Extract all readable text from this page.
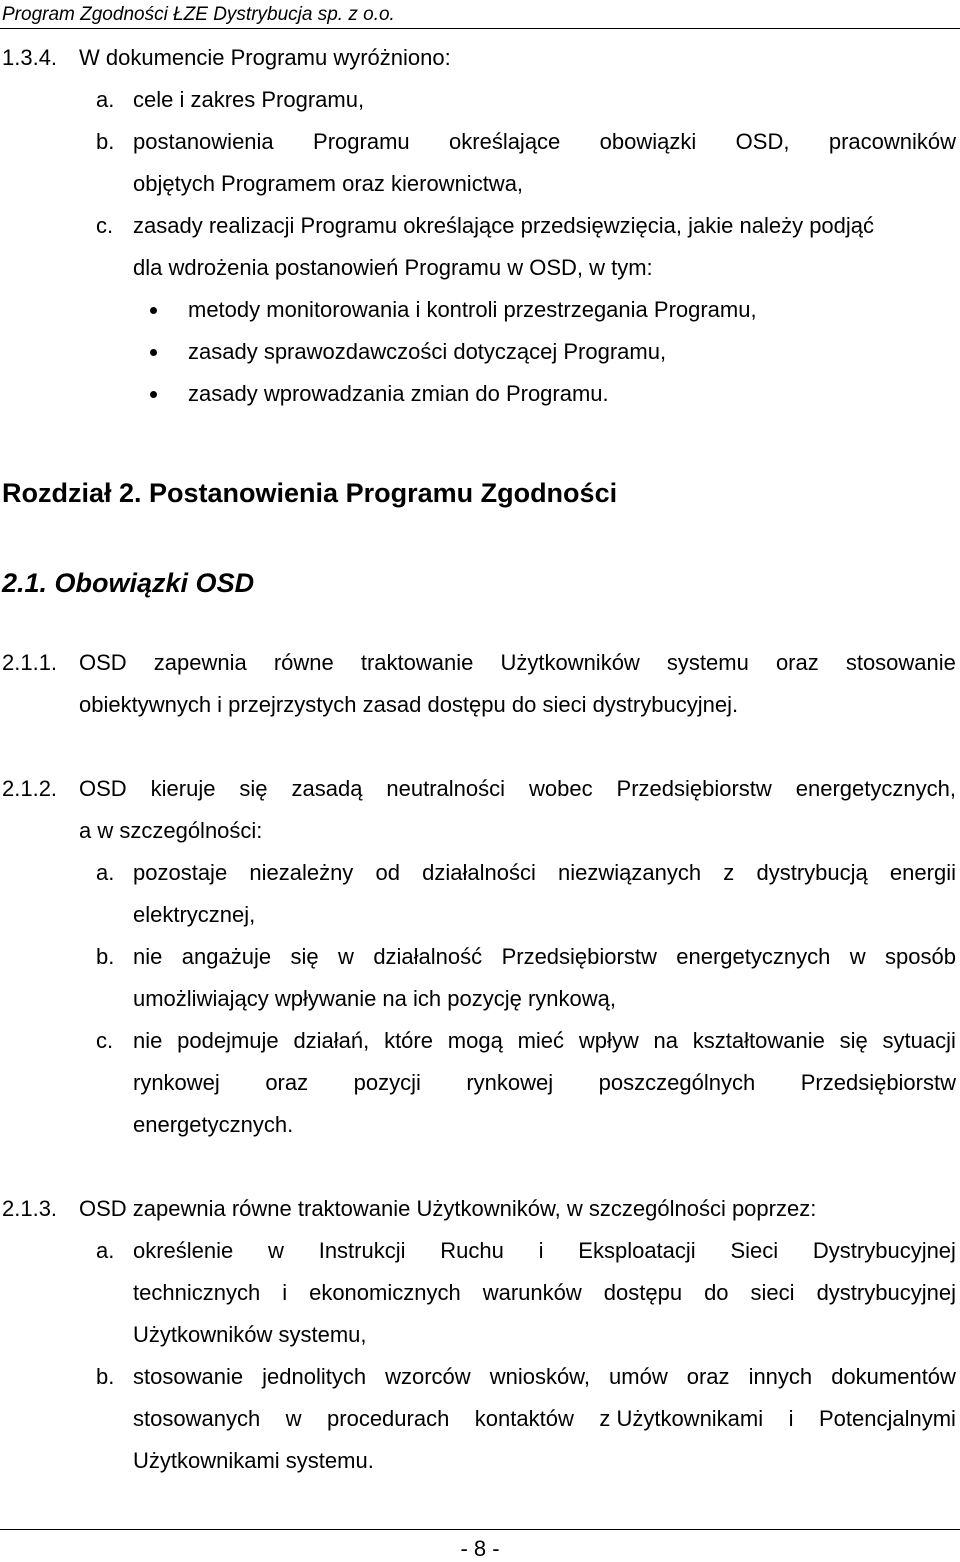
Program Zgodności ŁZE Dystrybucja sp. z o.o.
1.3.4. W dokumencie Programu wyróżniono:
a. cele i zakres Programu,
b. postanowienia Programu określające obowiązki OSD, pracowników
objętych Programem oraz kierownictwa,
c. zasady realizacji Programu określające przedsięwzięcia, jakie należy podjąć
dla wdrożenia postanowień Programu w OSD, w tym:
metody monitorowania i kontroli przestrzegania Programu,
zasady sprawozdawczości dotyczącej Programu,
zasady wprowadzania zmian do Programu.
Rozdział 2. Postanowienia Programu Zgodności
2.1. Obowiązki OSD
2.1.1. OSD zapewnia równe traktowanie Użytkowników systemu oraz stosowanie
obiektywnych i przejrzystych zasad dostępu do sieci dystrybucyjnej.
2.1.2. OSD kieruje się zasadą neutralności wobec Przedsiębiorstw energetycznych,
a w szczególności:
a. pozostaje niezależny od działalności niezwiązanych z dystrybucją energii
elektrycznej,
b. nie angażuje się w działalność Przedsiębiorstw energetycznych w sposób
umożliwiający wpływanie na ich pozycję rynkową,
c. nie podejmuje działań, które mogą mieć wpływ na kształtowanie się sytuacji
rynkowej oraz pozycji rynkowej poszczególnych Przedsiębiorstw
energetycznych.
2.1.3. OSD zapewnia równe traktowanie Użytkowników, w szczególności poprzez:
a. określenie w Instrukcji Ruchu i Eksploatacji Sieci Dystrybucyjnej
technicznych i ekonomicznych warunków dostępu do sieci dystrybucyjnej
Użytkowników systemu,
b. stosowanie jednolitych wzorców wniosków, umów oraz innych dokumentów
stosowanych w procedurach kontaktów z Użytkownikami i Potencjalnymi
Użytkownikami systemu.
- 8 -
